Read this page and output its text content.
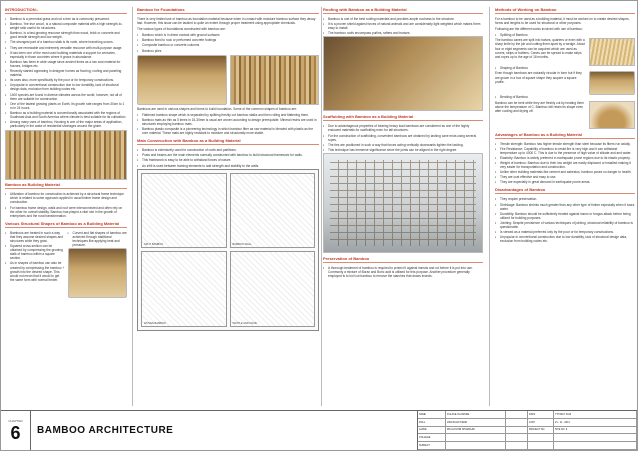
INTRODUCTION:-
▪ Bamboo is a perennial grass and not a tree as is commonly presumed.
▪ Bamboo, 'the true wood', is a natural composite material with a high strength-to-weight ratio useful for structures.
▪ Bamboo, is a fast-growing resource strength than wood, brick or concrete and good tensile strength and low weight.
▪ The strongest part of a bamboo stalk is its node, where branching occurs.
▪ They are renewable and extremely versatile resource with multi-purpose usage.
▪ It has been one of the most used building materials a support for centuries, especially in those countries where it grows in abundance.
▪ Bamboo has been in wide usage since ancient times as a low cost material for houses, bridges etc.
▪ Recently started appearing in designer homes as flooring, roofing and paneling material.
▪ Its uses also, more specifically by the poor or for temporary constructions.
▪ Unpopular in conventional construction due to low durability, lack of structural design data, exclusion from building codes etc.
▪ 1400 species are found in diverse climates across the world; however, not all of them are suitable for construction.
▪ One of the fastest growing plants on Earth. Its growth rate ranges from 30cm to 1 m in 24 hours.
▪ Bamboo as a building material is conventionally associated with the regions of Southeast Asia and South America where climate is best suitable for its cultivation.
▪ Among many uses of bamboo, Housing is one of the major areas of application, particularly in the wake of residential shortages around the globe.
Bamboo as Building Material
▪ Utilization of bamboo for construction is achieved by a structural frame technique which is related to some approach applied in usual timber frame design and construction.
▪ For bamboo frame design, walls and roof were interconnected and often rely on the other for overall stability. Bamboo has played a vital role in the growth of enterprises and the rural transformation.
Various Structural Shapes of Bamboo as a Building Material
▪ Bamboos are treated in such a way that they assume desired shapes and structures while they grow.
▪ Squared cross-section can be obtained by compressing the growing stalk of bamboo within a square section.
▪ As in shapes of bamboo can also be created by compressing the bamboo + growth into the desired shape. This would not mean that it would to get the same form with normal timber.
▪ Curved and flat shapes of bamboo are achieved through traditional techniques like applying heat and pressure.
Bamboo for Foundations

There is very limited use of bamboo as foundation material because when in contact with moisture bamboo surface they decay fast. However, this issue can be tackled to quite an extent through proper treatment using appropriate chemicals.

The various types of foundations constructed with bamboo are:

▪ Bamboo which is in direct contact with ground surfaces
▪ Bamboo fixed to rock or preformed concrete footings
▪ Composite bamboo or concrete columns
▪ Bamboo piles

Bamboos are used in various shapes and forms to build foundation. Some of the common shapes of bamboo are:

▪ Flattened bamboo shape which is separated by splitting freshly cut bamboo stalks and then rolling and flattening them.
▪ Bamboo mats as thin as 5 times in 15-30mm is usual are woven according to design prerequisite. Mineral resins are used in structures employing bamboo mats.
▪ Bamboo plastic composite is a pioneering technology in which bamboo fiber as raw material is blended with plastic as the core material. These mats are highly resistant to moisture and structurally more stable.
Mats Construction with Bamboo as a Building Material
▪ Bamboo is extensively used for construction of roofs and partitions.
▪ Posts and beams are the main elements normally constructed with bamboo to build structural framework for walls.
▪ This framework is easy to be able to withstand forces of nature.
▪ An infill is used between framing elements to add strength and stability to the walls.
SPLIT BAMBOO	BAMBOO WALL
WOVEN BAMBOO	WATTLE AND DAUB
Roofing with Bamboo as a Building Material
▪ Bamboo is one of the best roofing materials and provides ample coolness to the structure.
▪ It is a proven shield against forces of natural animals and are considerably light weighted which makes them easy to install.
▪ The bamboo roofs encompass purlins, rafters and trusses.
Scaffolding with Bamboo as a Building Material
▪ Due to advantageous properties of bearing heavy load bamboos are considered as one of the highly endowed materials for scaffolding even for tall structures.
▪ For the construction of scaffolding, convenient bamboos are obtained by lashing cane ends using several ropes.
▪ The ties are positioned in such a way that forces acting vertically downwards tighten the lashing.
▪ This technique has immense significance since the joints can be aligned in the right degree.
Preservation of Bamboo
▪ A thorough treatment of bamboo is required to protect it against insects and rot before it is put into use. Commonly a mixture of Borax and Boric acid is utilised for this purpose. Another procedure generally employed is to boil cut bamboo to remove the starches that draws insects.
Methods of Working on Bamboo

For a bamboo to be used as a building material, it must be worked on to create desired shapes, forms and lengths to be used for structural or other purposes.

Following are the different works involved with use of bamboo:

▪ Splitting of Bamboo

The bamboo canes are split into halves, quarters or even with a sharp knife by the job and cutting them apart by a wedge. About four or eight segments can be acquired which are used as covers, strips or battens. Canes can be spread to make strips and ropes up to the age of 18 months.

▪ Shaping of Bamboo

Even though bamboos are naturally circular in form but if they are grown in a box of square shape they acquire a square profile.

▪ Bending of Bamboo

Bamboo can be bent while they are freshly cut by heating them above the temperature of C. Bamboo will retain its shape even after cooling and drying off.

Advantages of Bamboo as a Building Material
▪ Tensile strength: Bamboo has higher tensile strength than steel because its fibers run axially.
▪ Fire Resistance: Capability of bamboo to resist fire is very high and it can withstand temperature up to 4000 C. This is due to the presence of high value of silicate and and water.
▪ Elasticity: Bamboo is widely preferred in earthquake prone regions due to its elastic property.
▪ Weight of bamboo: Bamboo due to their low weight are easily displaced or installed making it very easier for transportation and construction.
▪ Unlike other building materials like cement and asbestos, bamboo poses no danger to health.
▪ They are cost effective and easy to use.
▪ They are especially in great demand in earthquake prone areas.
Disadvantages of Bamboo
▪ They require preservation.
▪ Shrinkage: Bamboo shrinks much greater than any other type of timber especially when it loses water.
▪ Durability: Bamboo should be sufficiently treated against insect or fungus attack before being utilized for building purposes.
▪ Jointing: Despite prevalence of various techniques of jointing, structural reliability of bamboo is questionable.
▪ Is viewed as a material preferred only by the poor or for temporary constructions.
▪ Unpopular in conventional construction due to low durability, lack of structural design data, exclusion from building codes etc.
CHAPTER
6	BAMBOO ARCHITECTURE
NAME	FOLAKE OLASINDE	DATE	7TH MAY 2013
ROLL	2009-B-019 TERM	JURY	21 - 11 - 2013
GUIDE	MS.GAYATRI SHAMGURI	PROJECT NO.	SITE NO. 9
COLLEGE
SUBJECT
